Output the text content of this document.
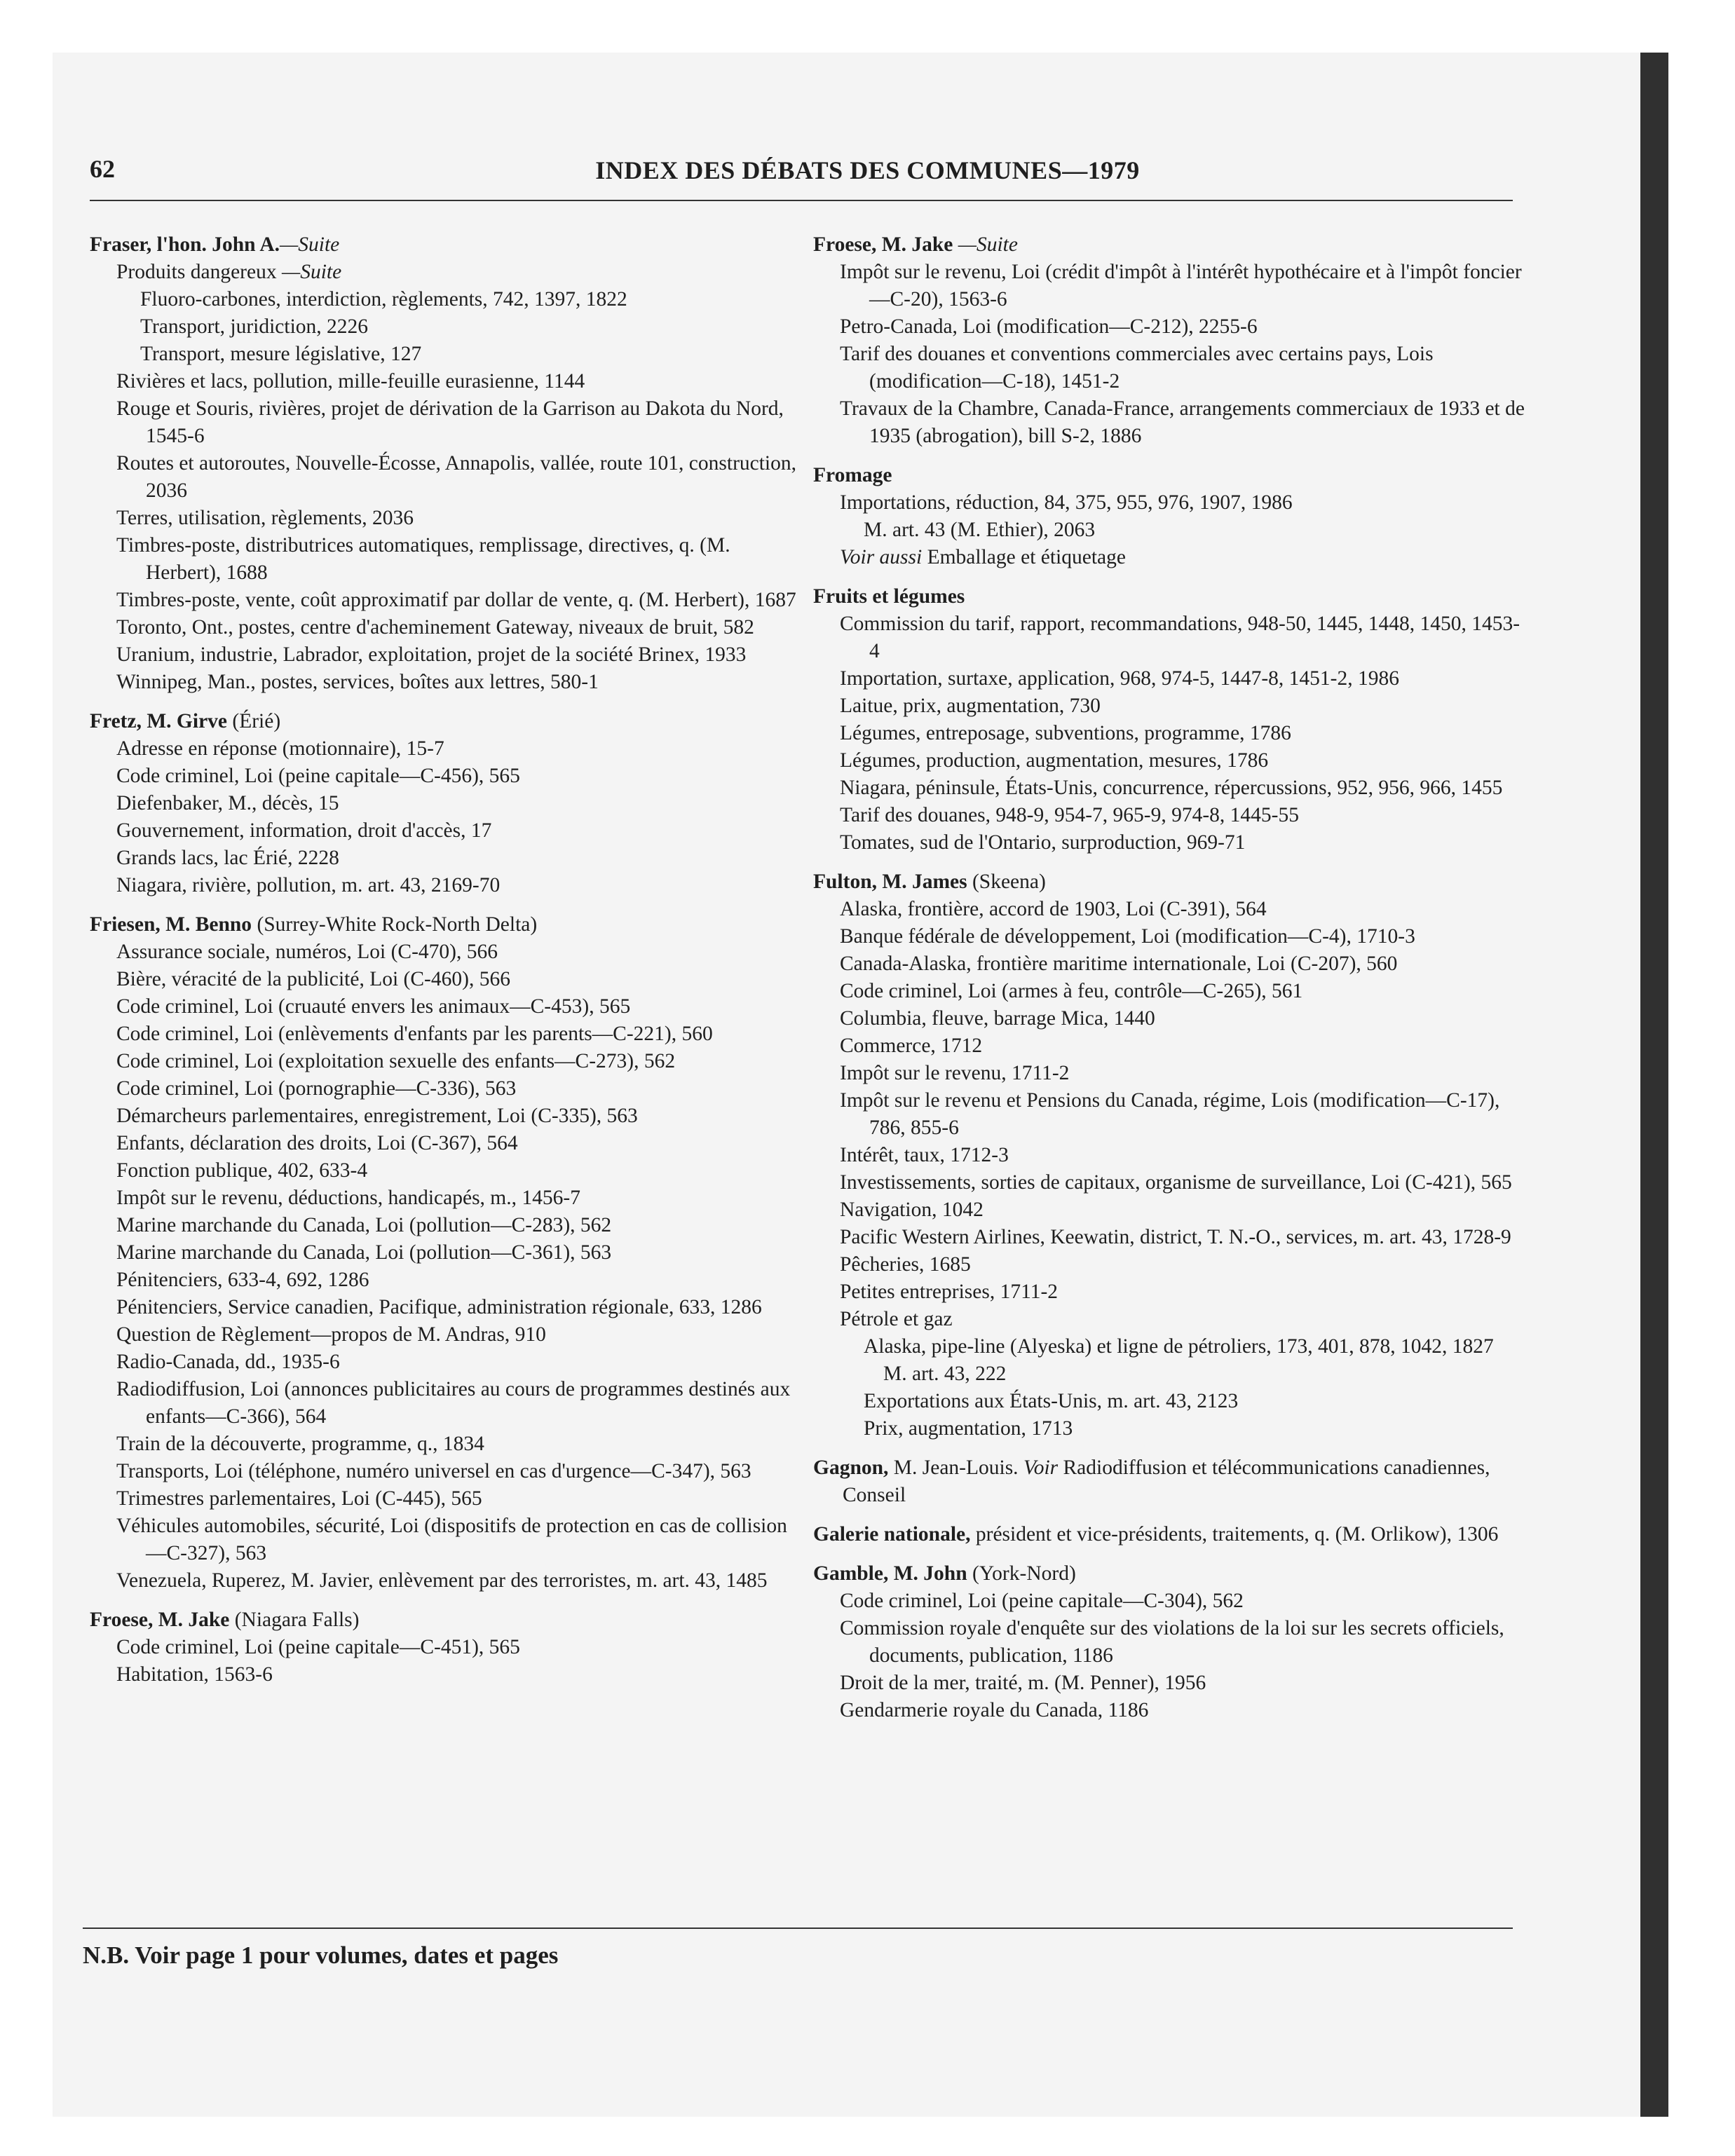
62	INDEX DES DÉBATS DES COMMUNES—1979
Fraser, l'hon. John A.—Suite
Produits dangereux —Suite
Fluoro-carbones, interdiction, règlements, 742, 1397, 1822
Transport, juridiction, 2226
Transport, mesure législative, 127
Rivières et lacs, pollution, mille-feuille eurasienne, 1144
Rouge et Souris, rivières, projet de dérivation de la Garrison au Dakota du Nord, 1545-6
Routes et autoroutes, Nouvelle-Écosse, Annapolis, vallée, route 101, construction, 2036
Terres, utilisation, règlements, 2036
Timbres-poste, distributrices automatiques, remplissage, directives, q. (M. Herbert), 1688
Timbres-poste, vente, coût approximatif par dollar de vente, q. (M. Herbert), 1687
Toronto, Ont., postes, centre d'acheminement Gateway, niveaux de bruit, 582
Uranium, industrie, Labrador, exploitation, projet de la société Brinex, 1933
Winnipeg, Man., postes, services, boîtes aux lettres, 580-1
Fretz, M. Girve (Érié)
Adresse en réponse (motionnaire), 15-7
Code criminel, Loi (peine capitale—C-456), 565
Diefenbaker, M., décès, 15
Gouvernement, information, droit d'accès, 17
Grands lacs, lac Érié, 2228
Niagara, rivière, pollution, m. art. 43, 2169-70
Friesen, M. Benno (Surrey-White Rock-North Delta)
Assurance sociale, numéros, Loi (C-470), 566
Bière, véracité de la publicité, Loi (C-460), 566
Code criminel, Loi (cruauté envers les animaux—C-453), 565
Code criminel, Loi (enlèvements d'enfants par les parents—C-221), 560
Code criminel, Loi (exploitation sexuelle des enfants—C-273), 562
Code criminel, Loi (pornographie—C-336), 563
Démarcheurs parlementaires, enregistrement, Loi (C-335), 563
Enfants, déclaration des droits, Loi (C-367), 564
Fonction publique, 402, 633-4
Impôt sur le revenu, déductions, handicapés, m., 1456-7
Marine marchande du Canada, Loi (pollution—C-283), 562
Marine marchande du Canada, Loi (pollution—C-361), 563
Pénitenciers, 633-4, 692, 1286
Pénitenciers, Service canadien, Pacifique, administration régionale, 633, 1286
Question de Règlement—propos de M. Andras, 910
Radio-Canada, dd., 1935-6
Radiodiffusion, Loi (annonces publicitaires au cours de programmes destinés aux enfants—C-366), 564
Train de la découverte, programme, q., 1834
Transports, Loi (téléphone, numéro universel en cas d'urgence—C-347), 563
Trimestres parlementaires, Loi (C-445), 565
Véhicules automobiles, sécurité, Loi (dispositifs de protection en cas de collision—C-327), 563
Venezuela, Ruperez, M. Javier, enlèvement par des terroristes, m. art. 43, 1485
Froese, M. Jake (Niagara Falls)
Code criminel, Loi (peine capitale—C-451), 565
Habitation, 1563-6
Froese, M. Jake —Suite
Impôt sur le revenu, Loi (crédit d'impôt à l'intérêt hypothécaire et à l'impôt foncier—C-20), 1563-6
Petro-Canada, Loi (modification—C-212), 2255-6
Tarif des douanes et conventions commerciales avec certains pays, Lois (modification—C-18), 1451-2
Travaux de la Chambre, Canada-France, arrangements commerciaux de 1933 et de 1935 (abrogation), bill S-2, 1886
Fromage
Importations, réduction, 84, 375, 955, 976, 1907, 1986
M. art. 43 (M. Ethier), 2063
Voir aussi Emballage et étiquetage
Fruits et légumes
Commission du tarif, rapport, recommandations, 948-50, 1445, 1448, 1450, 1453-4
Importation, surtaxe, application, 968, 974-5, 1447-8, 1451-2, 1986
Laitue, prix, augmentation, 730
Légumes, entreposage, subventions, programme, 1786
Légumes, production, augmentation, mesures, 1786
Niagara, péninsule, États-Unis, concurrence, répercussions, 952, 956, 966, 1455
Tarif des douanes, 948-9, 954-7, 965-9, 974-8, 1445-55
Tomates, sud de l'Ontario, surproduction, 969-71
Fulton, M. James (Skeena)
Alaska, frontière, accord de 1903, Loi (C-391), 564
Banque fédérale de développement, Loi (modification—C-4), 1710-3
Canada-Alaska, frontière maritime internationale, Loi (C-207), 560
Code criminel, Loi (armes à feu, contrôle—C-265), 561
Columbia, fleuve, barrage Mica, 1440
Commerce, 1712
Impôt sur le revenu, 1711-2
Impôt sur le revenu et Pensions du Canada, régime, Lois (modification—C-17), 786, 855-6
Intérêt, taux, 1712-3
Investissements, sorties de capitaux, organisme de surveillance, Loi (C-421), 565
Navigation, 1042
Pacific Western Airlines, Keewatin, district, T. N.-O., services, m. art. 43, 1728-9
Pêcheries, 1685
Petites entreprises, 1711-2
Pétrole et gaz
Alaska, pipe-line (Alyeska) et ligne de pétroliers, 173, 401, 878, 1042, 1827
M. art. 43, 222
Exportations aux États-Unis, m. art. 43, 2123
Prix, augmentation, 1713
Gagnon, M. Jean-Louis. Voir Radiodiffusion et télécommunications canadiennes, Conseil
Galerie nationale, président et vice-présidents, traitements, q. (M. Orlikow), 1306
Gamble, M. John (York-Nord)
Code criminel, Loi (peine capitale—C-304), 562
Commission royale d'enquête sur des violations de la loi sur les secrets officiels, documents, publication, 1186
Droit de la mer, traité, m. (M. Penner), 1956
Gendarmerie royale du Canada, 1186
N.B. Voir page 1 pour volumes, dates et pages
